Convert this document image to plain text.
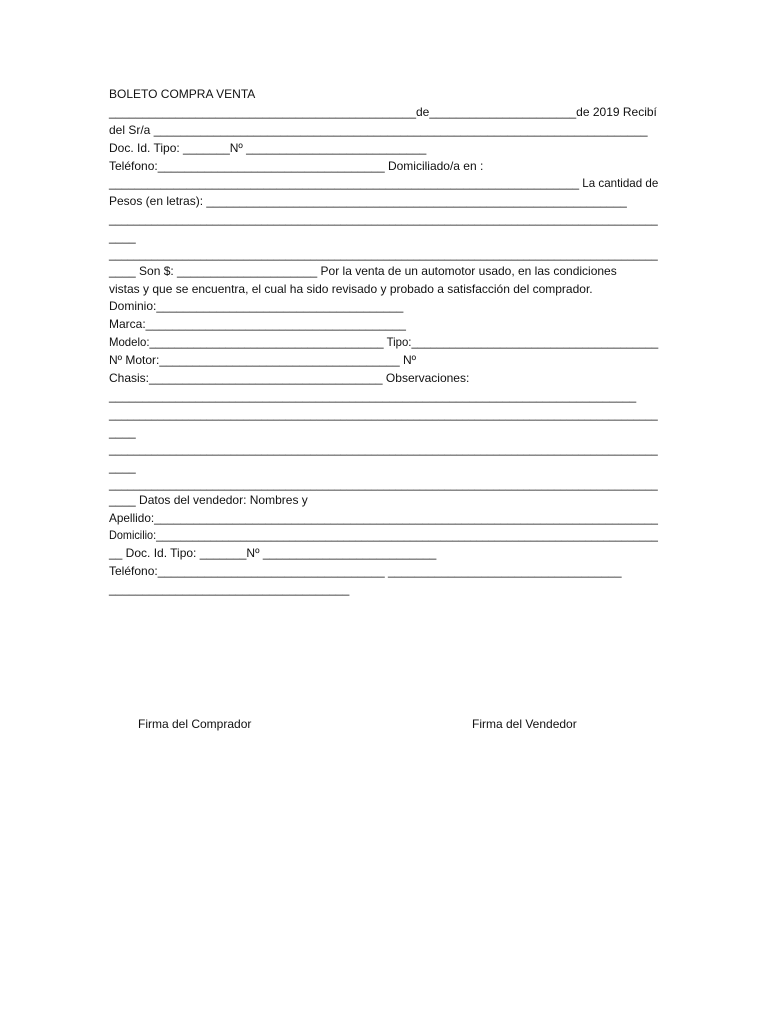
BOLETO COMPRA VENTA
______________________________________________de______________________de 2019 Recibí
del Sr/a __________________________________________________________________________
Doc. Id. Tipo: _______Nº ___________________________
Teléfono:__________________________________ Domiciliado/a en :
_________________________________________________________________________ La cantidad de
Pesos (en letras): _______________________________________________________________
__________________________________________________________________________________________
____
__________________________________________________________________________________________
____ Son $: _____________________ Por la venta de un automotor usado, en las condiciones
vistas y que se encuentra, el cual ha sido revisado y probado a satisfacción del comprador.
Dominio:_____________________________________
Marca:_______________________________________
Modelo:_____________________________________ Tipo:_______________________________________
Nº Motor:____________________________________ Nº
Chasis:___________________________________ Observaciones:
_______________________________________________________________________________
__________________________________________________________________________________________
____
__________________________________________________________________________________________
____
__________________________________________________________________________________________
____ Datos del vendedor: Nombres y
Apellido:_____________________________________________________________________________
Domicilio:___________________________________________________________________________________
__ Doc. Id. Tipo: _______Nº __________________________
Teléfono:__________________________________ ___________________________________
____________________________________
Firma del Comprador	Firma del Vendedor
